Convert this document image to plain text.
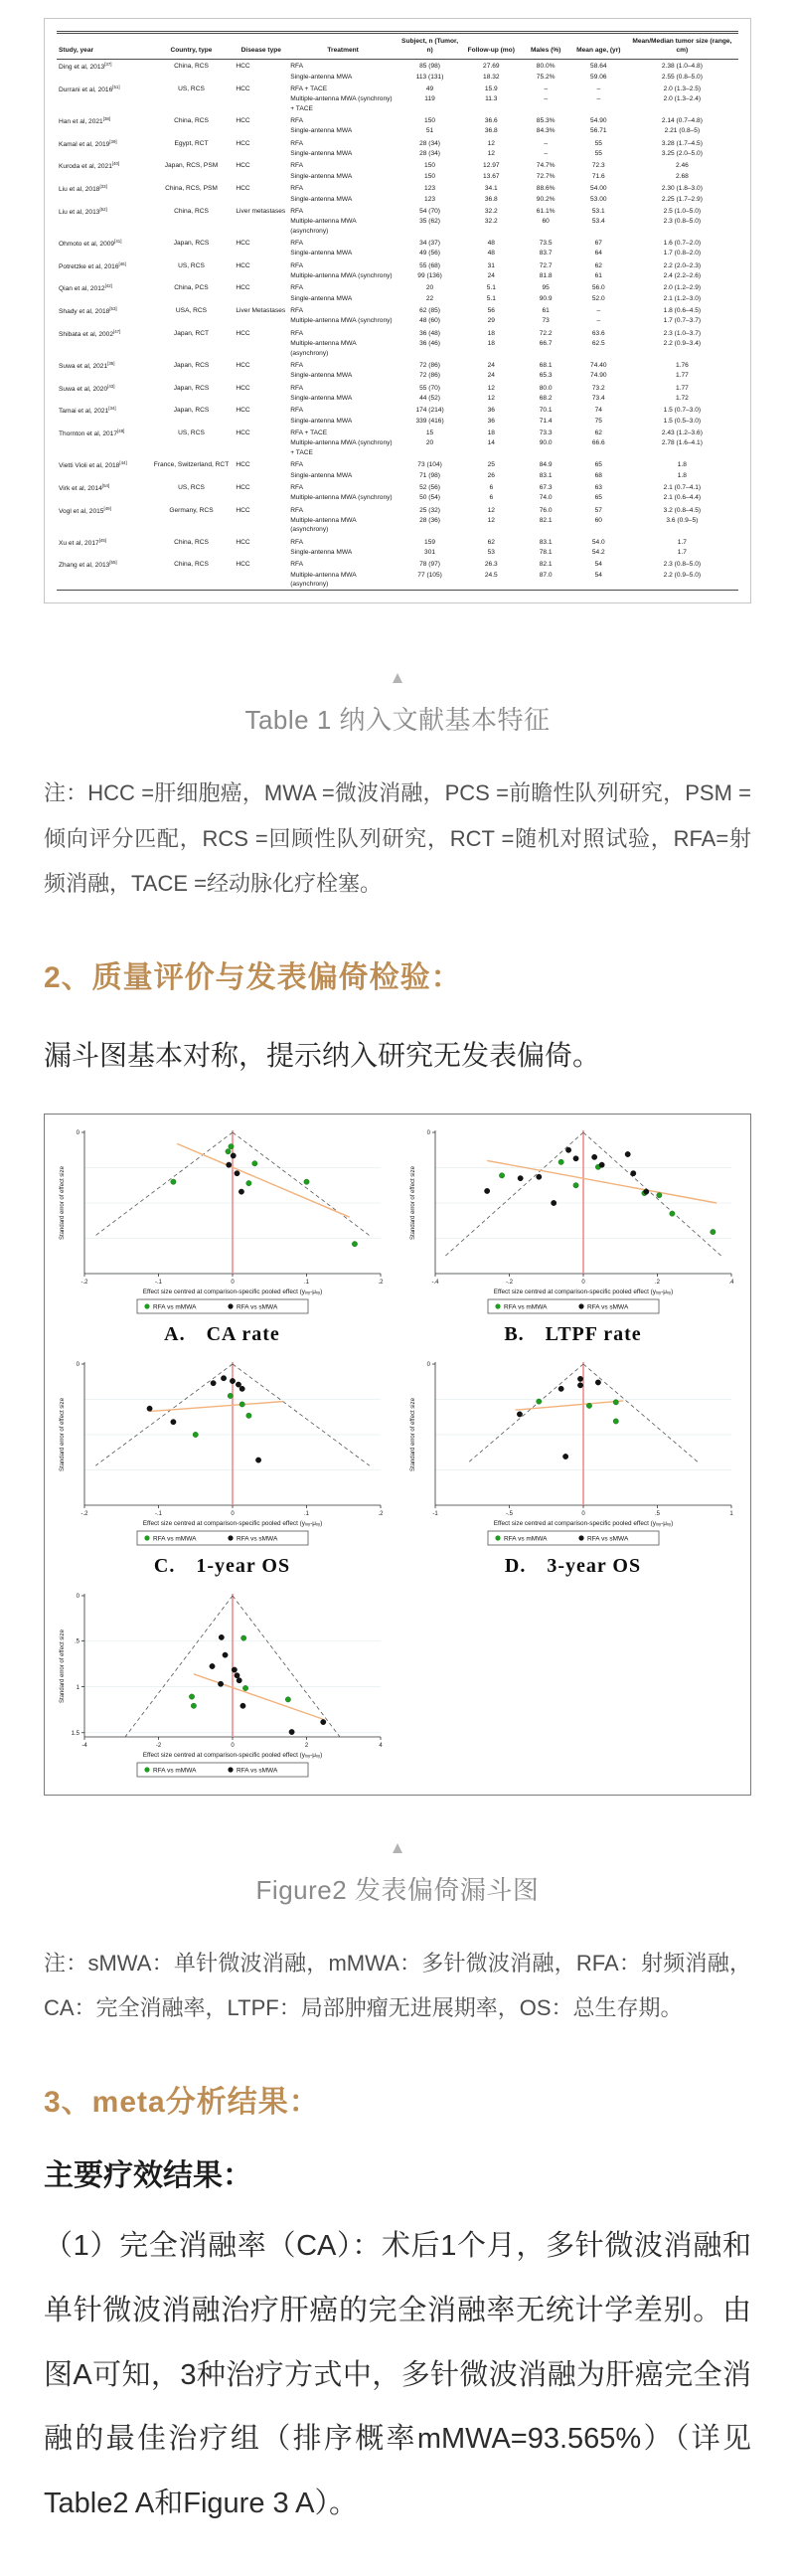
Study, year	Country, type	Disease type	Treatment	Subject, n (Tumor, n)	Follow-up (mo)	Males (%)	Mean age, (yr)	Mean/Median tumor size (range, cm)
Ding et al, 2013[37]	China, RCS	HCC	RFA	85 (98)	27.69	80.0%	58.64	2.38 (1.0–4.8)
			Single-antenna MWA	113 (131)	18.32	75.2%	59.06	2.55 (0.8–5.0)
Durrani et al, 2016[51]	US, RCS	HCC	RFA + TACE	49	15.9	–	–	2.0 (1.3–2.5)
			Multiple-antenna MWA (synchrony) + TACE	119	11.3	–	–	2.0 (1.3–2.4)
Han et al, 2021[38]	China, RCS	HCC	RFA	150	36.6	85.3%	54.90	2.14 (0.7–4.8)
			Single-antenna MWA	51	36.8	84.3%	56.71	2.21 (0.8–5)
Kamal et al, 2019[39]	Egypt, RCT	HCC	RFA	28 (34)	12	–	55	3.28 (1.7–4.5)
			Single-antenna MWA	28 (34)	12	–	55	3.25 (2.0–5.0)
Kuroda et al, 2021[40]	Japan, RCS, PSM	HCC	RFA	150	12.97	74.7%	72.3	2.46
			Single-antenna MWA	150	13.67	72.7%	71.6	2.68
Liu et al, 2018[33]	China, RCS, PSM	HCC	RFA	123	34.1	88.6%	54.00	2.30 (1.8–3.0)
			Single-antenna MWA	123	36.8	90.2%	53.00	2.25 (1.7–2.9)
Liu et al, 2013[52]	China, RCS	Liver metastases	RFA	54 (70)	32.2	61.1%	53.1	2.5 (1.0–5.0)
			Multiple-antenna MWA (asynchrony)	35 (62)	32.2	60	53.4	2.3 (0.8–5.0)
Ohmoto et al, 2009[41]	Japan, RCS	HCC	RFA	34 (37)	48	73.5	67	1.6 (0.7–2.0)
			Single-antenna MWA	49 (56)	48	83.7	64	1.7 (0.8–2.0)
Potretzke et al, 2016[46]	US, RCS	HCC	RFA	55 (68)	31	72.7	62	2.2 (2.0–2.3)
			Multiple-antenna MWA (synchrony)	99 (136)	24	81.8	61	2.4 (2.2–2.6)
Qian et al, 2012[42]	China, PCS	HCC	RFA	20	5.1	95	56.0	2.0 (1.2–2.9)
			Single-antenna MWA	22	5.1	90.9	52.0	2.1 (1.2–3.0)
Shady et al, 2018[53]	USA, RCS	Liver Metastases	RFA	62 (85)	56	61	–	1.8 (0.6–4.5)
			Multiple-antenna MWA (synchrony)	48 (60)	29	73	–	1.7 (0.7–3.7)
Shibata et al, 2002[47]	Japan, RCT	HCC	RFA	36 (48)	18	72.2	63.6	2.3 (1.0–3.7)
			Multiple-antenna MWA (asynchrony)	36 (46)	18	66.7	62.5	2.2 (0.9–3.4)
Suwa et al, 2021[35]	Japan, RCS	HCC	RFA	72 (86)	24	68.1	74.40	1.76
			Single-antenna MWA	72 (86)	24	65.3	74.90	1.77
Suwa et al, 2020[43]	Japan, RCS	HCC	RFA	55 (70)	12	80.0	73.2	1.77
			Single-antenna MWA	44 (52)	12	68.2	73.4	1.72
Tamai et al, 2021[34]	Japan, RCS	HCC	RFA	174 (214)	36	70.1	74	1.5 (0.7–3.0)
			Single-antenna MWA	339 (416)	36	71.4	75	1.5 (0.5–3.0)
Thornton et al, 2017[48]	US, RCS	HCC	RFA + TACE	15	18	73.3	62	2.43 (1.2–3.6)
			Multiple-antenna MWA (synchrony) + TACE	20	14	90.0	66.6	2.78 (1.6–4.1)
Vietti Violi et al, 2018[44]	France, Switzerland, RCT	HCC	RFA	73 (104)	25	84.9	65	1.8
			Single-antenna MWA	71 (98)	26	83.1	68	1.8
Virk et al, 2014[54]	US, RCS	HCC	RFA	52 (56)	6	67.3	63	2.1 (0.7–4.1)
			Multiple-antenna MWA (synchrony)	50 (54)	6	74.0	65	2.1 (0.6–4.4)
Vogl et al, 2015[49]	Germany, RCS	HCC	RFA	25 (32)	12	76.0	57	3.2 (0.8–4.5)
			Multiple-antenna MWA (asynchrony)	28 (36)	12	82.1	60	3.6 (0.9–5)
Xu et al, 2017[45]	China, RCS	HCC	RFA	159	62	83.1	54.0	1.7
			Single-antenna MWA	301	53	78.1	54.2	1.7
Zhang et al, 2013[55]	China, RCS	HCC	RFA	78 (97)	26.3	82.1	54	2.3 (0.8–5.0)
			Multiple-antenna MWA (asynchrony)	77 (105)	24.5	87.0	54	2.2 (0.9–5.0)
▲
Table 1 纳入文献基本特征
注：HCC =肝细胞癌，MWA =微波消融，PCS =前瞻性队列研究，PSM =倾向评分匹配，RCS =回顾性队列研究，RCT =随机对照试验，RFA=射频消融，TACE =经动脉化疗栓塞。
2、质量评价与发表偏倚检验：
漏斗图基本对称，提示纳入研究无发表偏倚。
0
-.2	-.1	0	.1	.2
Effect size centred at comparison-specific pooled effect (yᵢₓᵧ-μₓᵧ)
Standard error of effect size
RFA vs mMWA	RFA vs sMWA
A. CA rate
0
-.4	-.2	0	.2	.4
Effect size centred at comparison-specific pooled effect (yᵢₓᵧ-μₓᵧ)
Standard error of effect size
RFA vs mMWA	RFA vs sMWA
B. LTPF rate
0
-.2	-.1	0	.1	.2
Effect size centred at comparison-specific pooled effect (yᵢₓᵧ-μₓᵧ)
Standard error of effect size
RFA vs mMWA	RFA vs sMWA
C. 1-year OS
0
-1	-.5	0	.5	1
Effect size centred at comparison-specific pooled effect (yᵢₓᵧ-μₓᵧ)
Standard error of effect size
RFA vs mMWA	RFA vs sMWA
D. 3-year OS
0
.5
1
1.5
-4	-2	0	2	4
Effect size centred at comparison-specific pooled effect (yᵢₓᵧ-μₓᵧ)
Standard error of effect size
RFA vs mMWA	RFA vs sMWA
▲
Figure2 发表偏倚漏斗图
注：sMWA：单针微波消融，mMWA：多针微波消融，RFA：射频消融，CA：完全消融率，LTPF：局部肿瘤无进展期率，OS：总生存期。
3、meta分析结果：
主要疗效结果：
（1）完全消融率（CA）：术后1个月，多针微波消融和单针微波消融治疗肝癌的完全消融率无统计学差别。由图A可知，3种治疗方式中，多针微波消融为肝癌完全消融的最佳治疗组（排序概率mMWA=93.565%）（详见Table2 A和Figure 3 A）。
